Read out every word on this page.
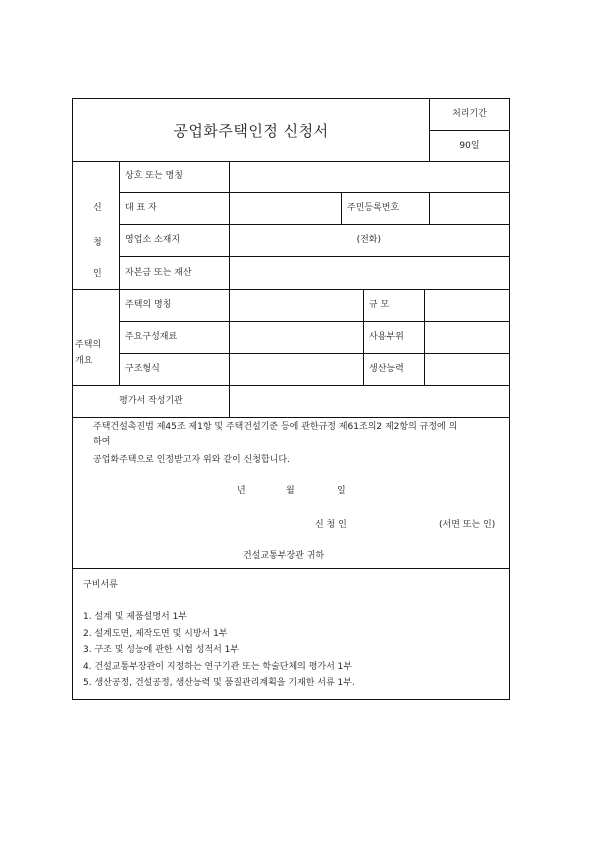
공업화주택인정 신청서
처리기간
90일
신
청
인
상호 또는 명칭
대 표 자	주민등록번호
영업소 소재지	(전화)
자본금 또는 재산
주택의
개요
주택의 명칭	규 모
주요구성재료	사용부위
구조형식	생산능력
평가서 작성기관
주택건설촉진법 제45조 제1항 및 주택건설기준 등에 관한규정 제61조의2 제2항의 규정에 의
하여
공업화주택으로 인정받고자 위와 같이 신청합니다.
년	월	일
신 청 인	(서면 또는 인)
건설교통부장관 귀하
구비서류
1. 설계 및 제품설명서 1부
2. 설계도면, 제작도면 및 시방서 1부
3. 구조 및 성능에 관한 시험 성적서 1부
4. 건설교통부장관이 지정하는 연구기관 또는 학술단체의 평가서 1부
5. 생산공정, 건설공정, 생산능력 및 품질관리계획을 기재한 서류 1부.
